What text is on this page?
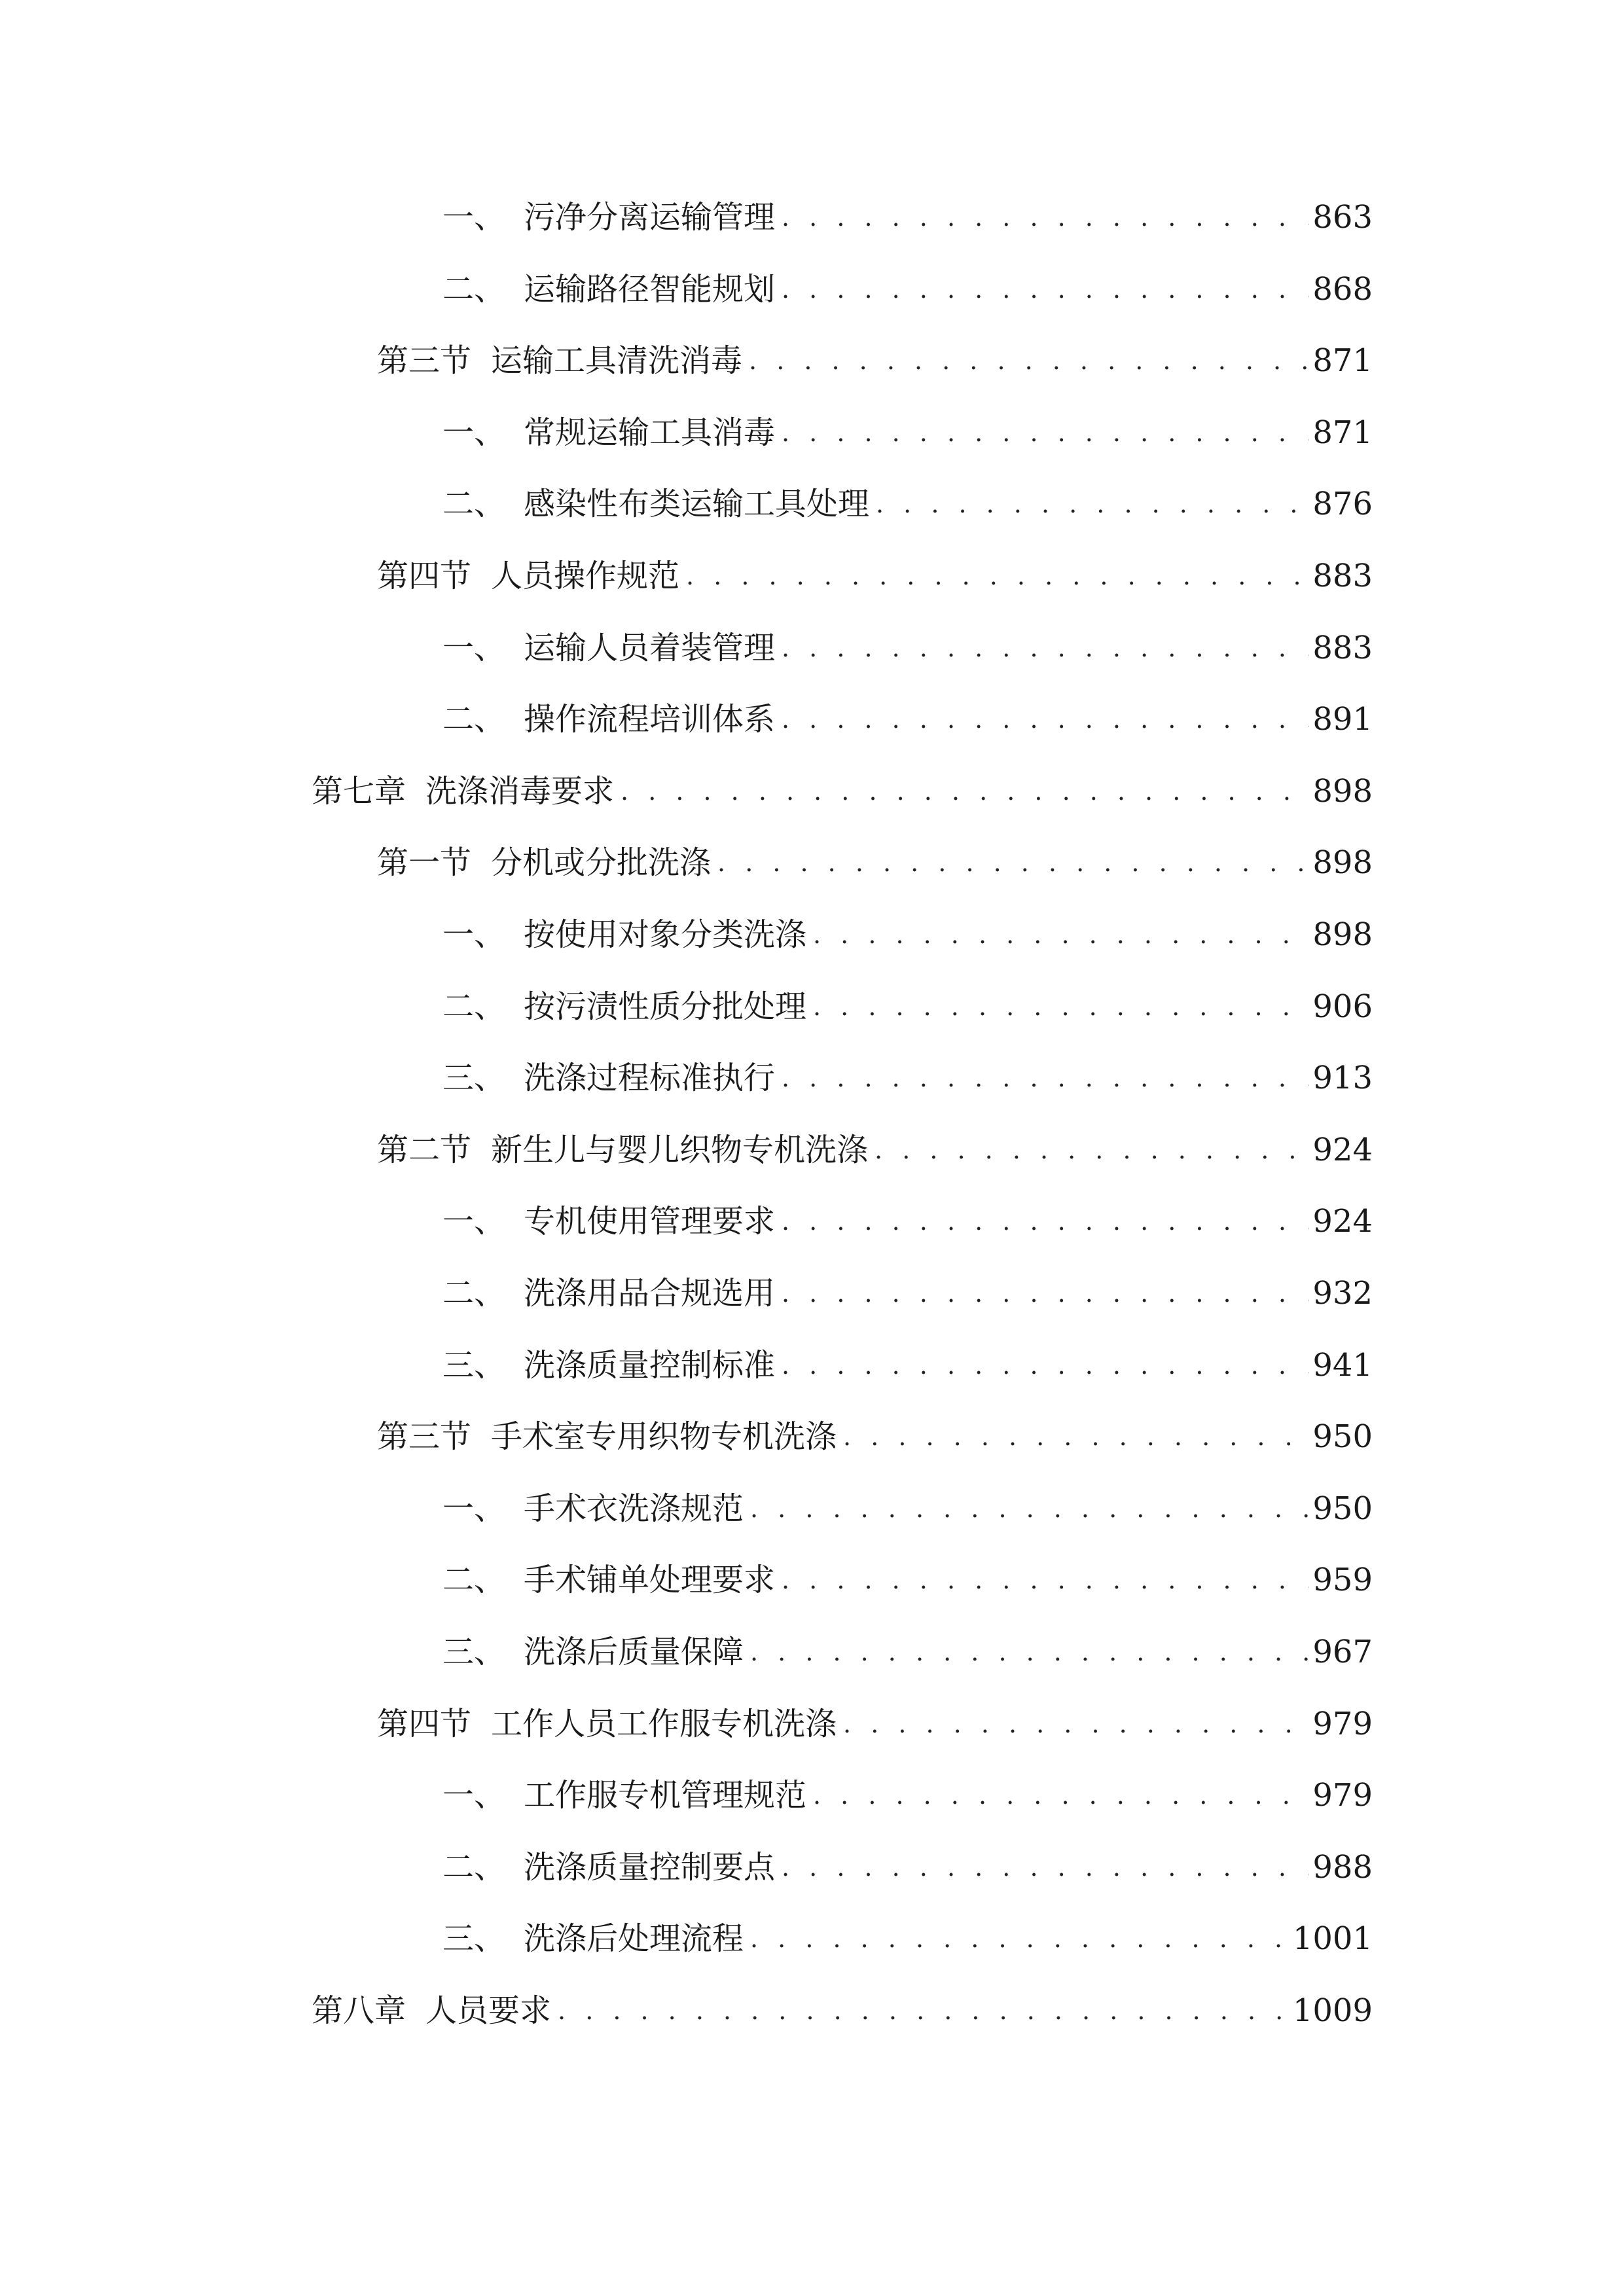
一、 污净分离运输管理 . . .	863
二、 运输路径智能规划 . . .	868
第三节 运输工具清洗消毒 . . .	871
一、 常规运输工具消毒 . . .	871
二、 感染性布类运输工具处理 . . .	876
第四节 人员操作规范 . . .	883
一、 运输人员着装管理 . . .	883
二、 操作流程培训体系 . . .	891
第七章 洗涤消毒要求 . . .	898
第一节 分机或分批洗涤 . . .	898
一、 按使用对象分类洗涤 . . .	898
二、 按污渍性质分批处理 . . .	906
三、 洗涤过程标准执行 . . .	913
第二节 新生儿与婴儿织物专机洗涤 . . .	924
一、 专机使用管理要求 . . .	924
二、 洗涤用品合规选用 . . .	932
三、 洗涤质量控制标准 . . .	941
第三节 手术室专用织物专机洗涤 . . .	950
一、 手术衣洗涤规范 . . .	950
二、 手术铺单处理要求 . . .	959
三、 洗涤后质量保障 . . .	967
第四节 工作人员工作服专机洗涤 . . .	979
一、 工作服专机管理规范 . . .	979
二、 洗涤质量控制要点 . . .	988
三、 洗涤后处理流程 . . .	1001
第八章 人员要求 . . .	1009
